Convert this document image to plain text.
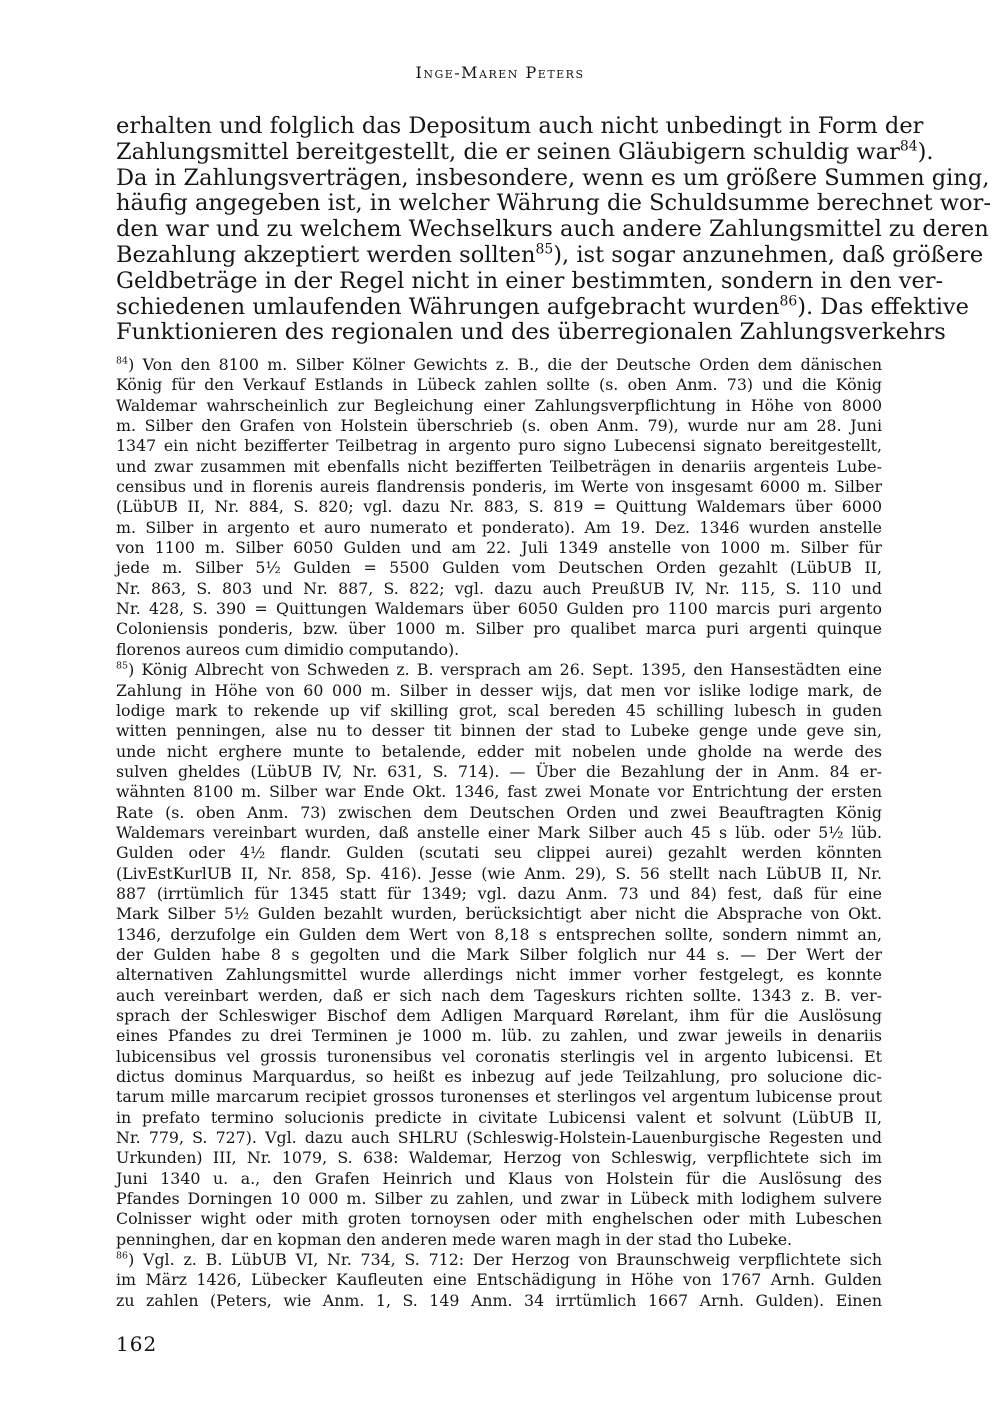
Inge-Maren Peters
erhalten und folglich das Depositum auch nicht unbedingt in Form der
Zahlungsmittel bereitgestellt, die er seinen Gläubigern schuldig war$^{84}$).
Da in Zahlungsverträgen, insbesondere, wenn es um größere Summen ging,
häufig angegeben ist, in welcher Währung die Schuldsumme berechnet wor-
den war und zu welchem Wechselkurs auch andere Zahlungsmittel zu deren
Bezahlung akzeptiert werden sollten$^{85}$), ist sogar anzunehmen, daß größere
Geldbeträge in der Regel nicht in einer bestimmten, sondern in den ver-
schiedenen umlaufenden Währungen aufgebracht wurden$^{86}$). Das effektive
Funktionieren des regionalen und des überregionalen Zahlungsverkehrs
$^{84}$) Von den 8100 m. Silber Kölner Gewichts z. B., die der Deutsche Orden dem dänischen
König für den Verkauf Estlands in Lübeck zahlen sollte (s. oben Anm. 73) und die König
Waldemar wahrscheinlich zur Begleichung einer Zahlungsverpflichtung in Höhe von 8000
m. Silber den Grafen von Holstein überschrieb (s. oben Anm. 79), wurde nur am 28. Juni
1347 ein nicht bezifferter Teilbetrag in argento puro signo Lubecensi signato bereitgestellt,
und zwar zusammen mit ebenfalls nicht bezifferten Teilbeträgen in denariis argenteis Lube-
censibus und in florenis aureis flandrensis ponderis, im Werte von insgesamt 6000 m. Silber
(LübUB II, Nr. 884, S. 820; vgl. dazu Nr. 883, S. 819 = Quittung Waldemars über 6000
m. Silber in argento et auro numerato et ponderato). Am 19. Dez. 1346 wurden anstelle
von 1100 m. Silber 6050 Gulden und am 22. Juli 1349 anstelle von 1000 m. Silber für
jede m. Silber 5½ Gulden = 5500 Gulden vom Deutschen Orden gezahlt (LübUB II,
Nr. 863, S. 803 und Nr. 887, S. 822; vgl. dazu auch PreußUB IV, Nr. 115, S. 110 und
Nr. 428, S. 390 = Quittungen Waldemars über 6050 Gulden pro 1100 marcis puri argento
Coloniensis ponderis, bzw. über 1000 m. Silber pro qualibet marca puri argenti quinque
florenos aureos cum dimidio computando).
$^{85}$) König Albrecht von Schweden z. B. versprach am 26. Sept. 1395, den Hansestädten eine
Zahlung in Höhe von 60 000 m. Silber in desser wijs, dat men vor islike lodige mark, de
lodige mark to rekende up vif skilling grot, scal bereden 45 schilling lubesch in guden
witten penningen, alse nu to desser tit binnen der stad to Lubeke genge unde geve sin,
unde nicht erghere munte to betalende, edder mit nobelen unde gholde na werde des
sulven gheldes (LübUB IV, Nr. 631, S. 714). — Über die Bezahlung der in Anm. 84 er-
wähnten 8100 m. Silber war Ende Okt. 1346, fast zwei Monate vor Entrichtung der ersten
Rate (s. oben Anm. 73) zwischen dem Deutschen Orden und zwei Beauftragten König
Waldemars vereinbart wurden, daß anstelle einer Mark Silber auch 45 s lüb. oder 5½ lüb.
Gulden oder 4½ flandr. Gulden (scutati seu clippei aurei) gezahlt werden könnten
(LivEstKurlUB II, Nr. 858, Sp. 416). Jesse (wie Anm. 29), S. 56 stellt nach LübUB II, Nr.
887 (irrtümlich für 1345 statt für 1349; vgl. dazu Anm. 73 und 84) fest, daß für eine
Mark Silber 5½ Gulden bezahlt wurden, berücksichtigt aber nicht die Absprache von Okt.
1346, derzufolge ein Gulden dem Wert von 8,18 s entsprechen sollte, sondern nimmt an,
der Gulden habe 8 s gegolten und die Mark Silber folglich nur 44 s. — Der Wert der
alternativen Zahlungsmittel wurde allerdings nicht immer vorher festgelegt, es konnte
auch vereinbart werden, daß er sich nach dem Tageskurs richten sollte. 1343 z. B. ver-
sprach der Schleswiger Bischof dem Adligen Marquard Rørelant, ihm für die Auslösung
eines Pfandes zu drei Terminen je 1000 m. lüb. zu zahlen, und zwar jeweils in denariis
lubicensibus vel grossis turonensibus vel coronatis sterlingis vel in argento lubicensi. Et
dictus dominus Marquardus, so heißt es inbezug auf jede Teilzahlung, pro solucione dic-
tarum mille marcarum recipiet grossos turonenses et sterlingos vel argentum lubicense prout
in prefato termino solucionis predicte in civitate Lubicensi valent et solvunt (LübUB II,
Nr. 779, S. 727). Vgl. dazu auch SHLRU (Schleswig-Holstein-Lauenburgische Regesten und
Urkunden) III, Nr. 1079, S. 638: Waldemar, Herzog von Schleswig, verpflichtete sich im
Juni 1340 u. a., den Grafen Heinrich und Klaus von Holstein für die Auslösung des
Pfandes Dorningen 10 000 m. Silber zu zahlen, und zwar in Lübeck mith lodighem sulvere
Colnisser wight oder mith groten tornoysen oder mith enghelschen oder mith Lubeschen
penninghen, dar en kopman den anderen mede waren magh in der stad tho Lubeke.
$^{86}$) Vgl. z. B. LübUB VI, Nr. 734, S. 712: Der Herzog von Braunschweig verpflichtete sich
im März 1426, Lübecker Kaufleuten eine Entschädigung in Höhe von 1767 Arnh. Gulden
zu zahlen (Peters, wie Anm. 1, S. 149 Anm. 34 irrtümlich 1667 Arnh. Gulden). Einen
162
